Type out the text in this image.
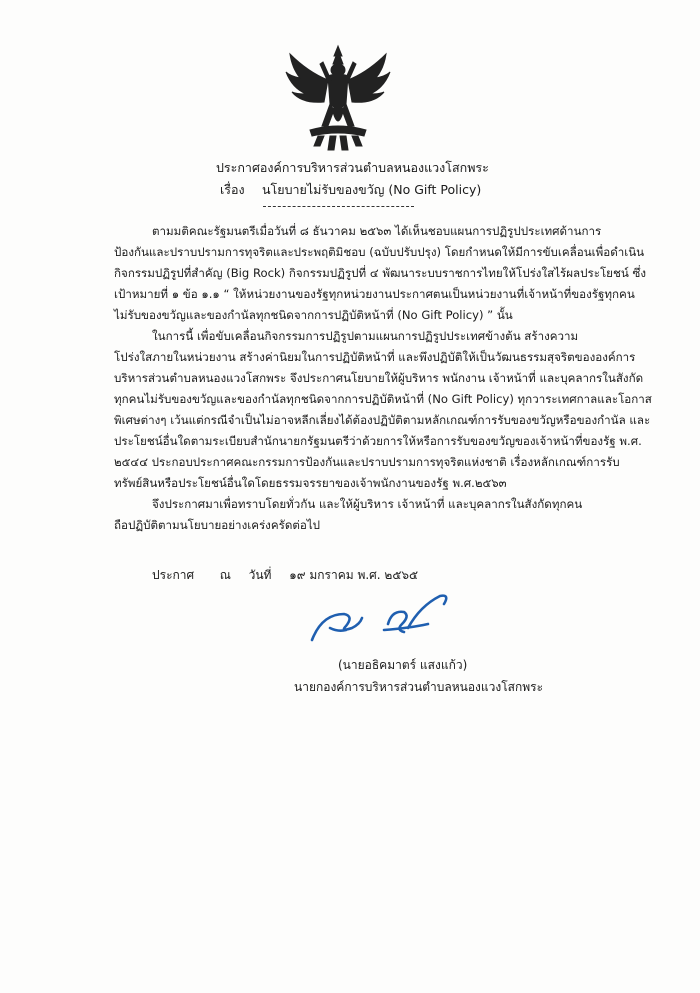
ประกาศองค์การบริหารส่วนตำบลหนองแวงโสกพระ
เรื่อง นโยบายไม่รับของขวัญ (No Gift Policy)
ตามมติคณะรัฐมนตรีเมื่อวันที่ ๘ ธันวาคม ๒๕๖๓ ได้เห็นชอบแผนการปฏิรูปประเทศด้านการ
ป้องกันและปราบปรามการทุจริตและประพฤติมิชอบ (ฉบับปรับปรุง) โดยกำหนดให้มีการขับเคลื่อนเพื่อดำเนิน
กิจกรรมปฏิรูปที่สำคัญ (Big Rock) กิจกรรมปฏิรูปที่ ๔ พัฒนาระบบราชการไทยให้โปร่งใสไร้ผลประโยชน์ ซึ่ง
เป้าหมายที่ ๑ ข้อ ๑.๑ “ ให้หน่วยงานของรัฐทุกหน่วยงานประกาศตนเป็นหน่วยงานที่เจ้าหน้าที่ของรัฐทุกคน
ไม่รับของขวัญและของกำนัลทุกชนิดจากการปฏิบัติหน้าที่ (No Gift Policy) ” นั้น
ในการนี้ เพื่อขับเคลื่อนกิจกรรมการปฏิรูปตามแผนการปฏิรูปประเทศข้างต้น สร้างความ
โปร่งใสภายในหน่วยงาน สร้างค่านิยมในการปฏิบัติหน้าที่ และพึงปฏิบัติให้เป็นวัฒนธรรมสุจริตขององค์การ
บริหารส่วนตำบลหนองแวงโสกพระ จึงประกาศนโยบายให้ผู้บริหาร พนักงาน เจ้าหน้าที่ และบุคลากรในสังกัด
ทุกคนไม่รับของขวัญและของกำนัลทุกชนิดจากการปฏิบัติหน้าที่ (No Gift Policy) ทุกวาระเทศกาลและโอกาส
พิเศษต่างๆ เว้นแต่กรณีจำเป็นไม่อาจหลีกเลี่ยงได้ต้องปฏิบัติตามหลักเกณฑ์การรับของขวัญหรือของกำนัล และ
ประโยชน์อื่นใดตามระเบียบสำนักนายกรัฐมนตรีว่าด้วยการให้หรือการรับของขวัญของเจ้าหน้าที่ของรัฐ พ.ศ.
๒๕๔๔ ประกอบประกาศคณะกรรมการป้องกันและปราบปรามการทุจริตแห่งชาติ เรื่องหลักเกณฑ์การรับ
ทรัพย์สินหรือประโยชน์อื่นใดโดยธรรมจรรยาของเจ้าพนักงานของรัฐ พ.ศ.๒๕๖๓
จึงประกาศมาเพื่อทราบโดยทั่วกัน และให้ผู้บริหาร เจ้าหน้าที่ และบุคลากรในสังกัดทุกคน
ถือปฏิบัติตามนโยบายอย่างเคร่งครัดต่อไป
ประกาศ ณ วันที่ ๑๙ มกราคม พ.ศ. ๒๕๖๕
(นายอธิคมาตร์ แสงแก้ว)
นายกองค์การบริหารส่วนตำบลหนองแวงโสกพระ
